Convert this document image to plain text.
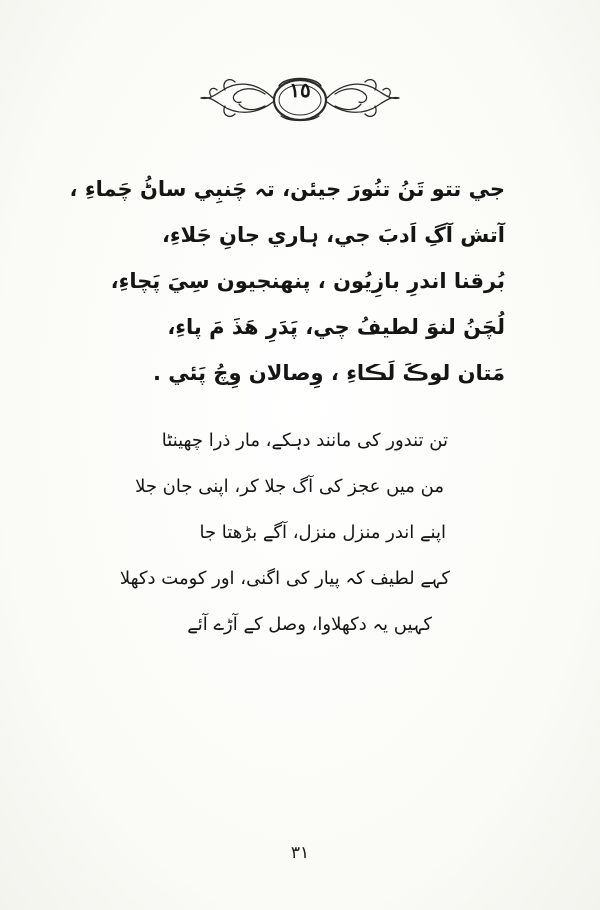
١٥
جي تتو تَنُ تنُورَ جيئن، تہ چَنبِي ساڻُ چَماءِ ،
آتش آگِ اَدبَ جي، ہاري جانِ جَلاءِ،
بُرقنا اندرِ بازِيُون ، پنهنجيون سِيَ پَچاءِ،
لُچَنُ لنوَ لطيفُ چي، پَدَرِ هَذَ مَ پاءِ،
مَتان لوڪَ لَڪاءِ ، وِصالان وِچُ پَئي .
تن تندور کی مانند دہکے، مار ذرا چھینٹا
من میں عجز کی آگ جلا کر، اپنی جان جلا
اپنے اندر منزل منزل، آگے بڑھتا جا
کہے لطیف کہ پیار کی اگنی، اور کومت دکھلا
کہیں یہ دکھلاوا، وصل کے آڑے آئے
٣١
